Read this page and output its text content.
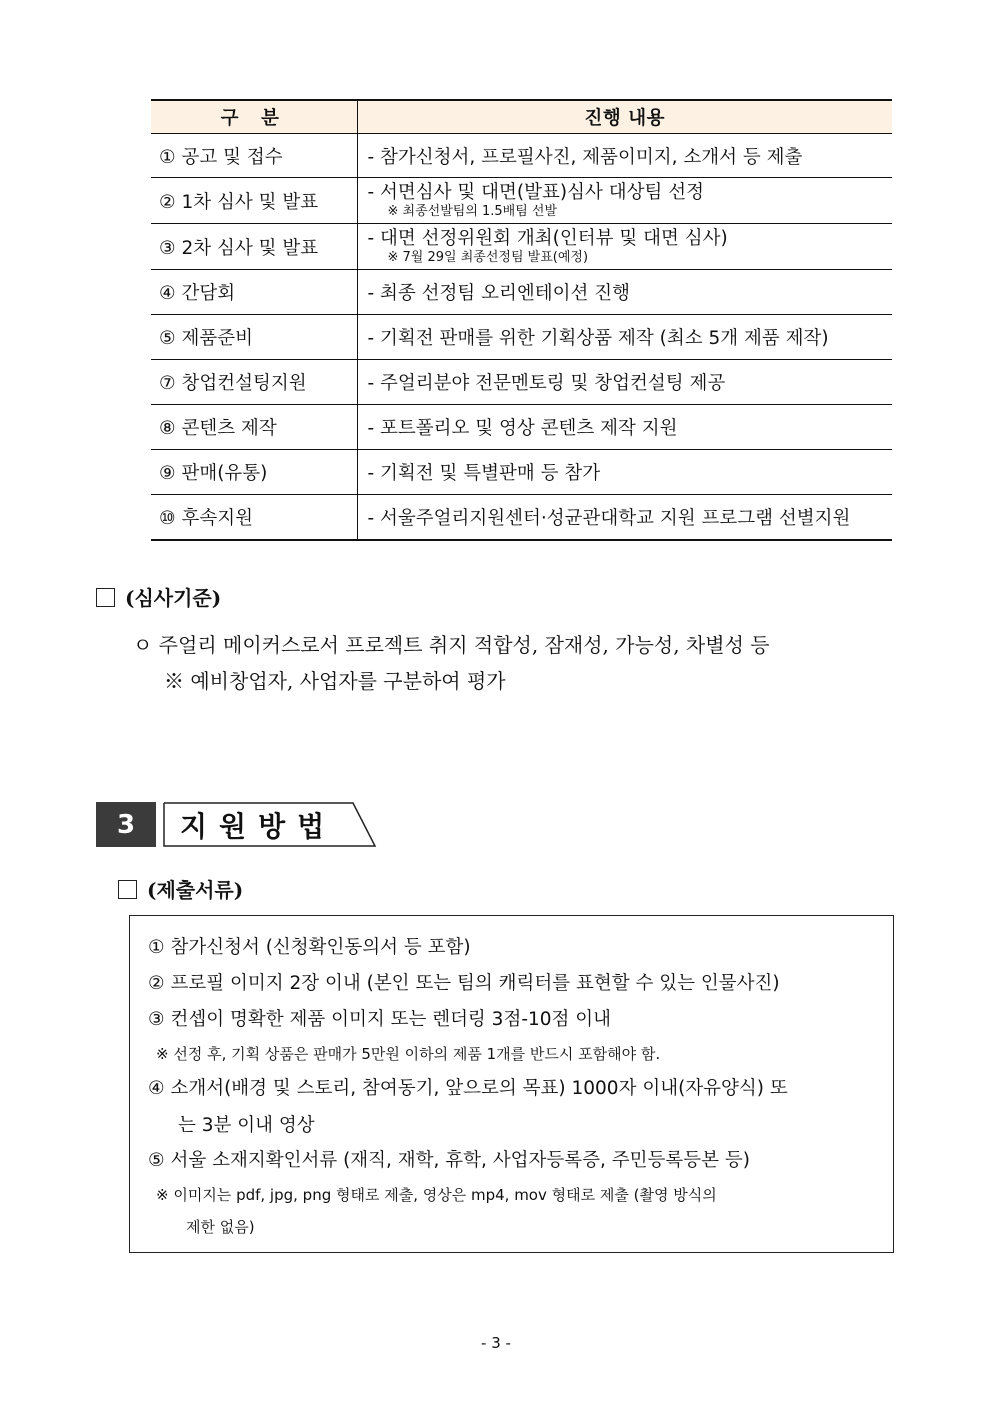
구 분	진행 내용
① 공고 및 접수	- 참가신청서, 프로필사진, 제품이미지, 소개서 등 제출
② 1차 심사 및 발표	- 서면심사 및 대면(발표)심사 대상팀 선정
※ 최종선발팀의 1.5배팀 선발

③ 2차 심사 및 발표	- 대면 선정위원회 개최(인터뷰 및 대면 심사)
※ 7월 29일 최종선정팀 발표(예정)

④ 간담회	- 최종 선정팀 오리엔테이션 진행
⑤ 제품준비	- 기획전 판매를 위한 기획상품 제작 (최소 5개 제품 제작)
⑦ 창업컨설팅지원	- 주얼리분야 전문멘토링 및 창업컨설팅 제공
⑧ 콘텐츠 제작	- 포트폴리오 및 영상 콘텐츠 제작 지원
⑨ 판매(유통)	- 기획전 및 특별판매 등 참가
⑩ 후속지원	- 서울주얼리지원센터·성균관대학교 지원 프로그램 선별지원
(심사기준)
ㅇ 주얼리 메이커스로서 프로젝트 취지 적합성, 잠재성, 가능성, 차별성 등
※ 예비창업자, 사업자를 구분하여 평가
3	지원방법
(제출서류)
① 참가신청서 (신청확인동의서 등 포함)
② 프로필 이미지 2장 이내 (본인 또는 팀의 캐릭터를 표현할 수 있는 인물사진)
③ 컨셉이 명확한 제품 이미지 또는 렌더링 3점-10점 이내
※ 선정 후, 기획 상품은 판매가 5만원 이하의 제품 1개를 반드시 포함해야 함.
④ 소개서(배경 및 스토리, 참여동기, 앞으로의 목표) 1000자 이내(자유양식) 또
는 3분 이내 영상
⑤ 서울 소재지확인서류 (재직, 재학, 휴학, 사업자등록증, 주민등록등본 등)
※ 이미지는 pdf, jpg, png 형태로 제출, 영상은 mp4, mov 형태로 제출 (촬영 방식의
제한 없음)
- 3 -
